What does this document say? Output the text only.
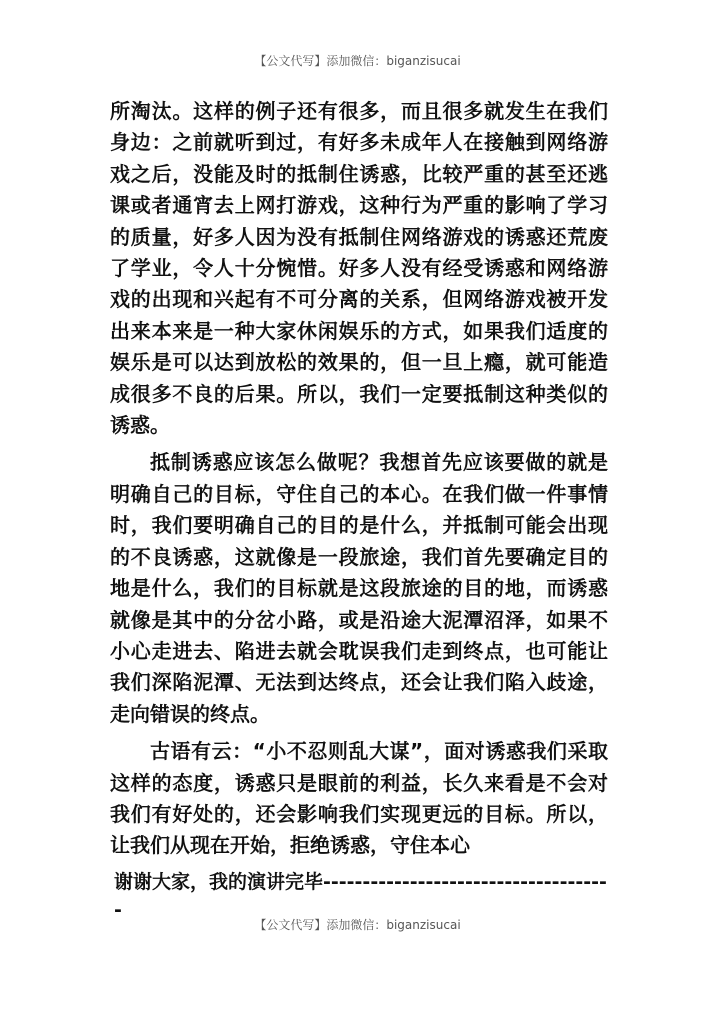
【公文代写】添加微信：biganzisucai

所淘汰。这样的例子还有很多，而且很多就发生在我们身边：之前就听到过，有好多未成年人在接触到网络游戏之后，没能及时的抵制住诱惑，比较严重的甚至还逃课或者通宵去上网打游戏，这种行为严重的影响了学习的质量，好多人因为没有抵制住网络游戏的诱惑还荒废了学业，令人十分惋惜。好多人没有经受诱惑和网络游戏的出现和兴起有不可分离的关系，但网络游戏被开发出来本来是一种大家休闲娱乐的方式，如果我们适度的娱乐是可以达到放松的效果的，但一旦上瘾，就可能造成很多不良的后果。所以，我们一定要抵制这种类似的诱惑。

抵制诱惑应该怎么做呢？我想首先应该要做的就是明确自己的目标，守住自己的本心。在我们做一件事情时，我们要明确自己的目的是什么，并抵制可能会出现的不良诱惑，这就像是一段旅途，我们首先要确定目的地是什么，我们的目标就是这段旅途的目的地，而诱惑就像是其中的分岔小路，或是沿途大泥潭沼泽，如果不小心走进去、陷进去就会耽误我们走到终点，也可能让我们深陷泥潭、无法到达终点，还会让我们陷入歧途，走向错误的终点。

古语有云：“小不忍则乱大谋”，面对诱惑我们采取这样的态度，诱惑只是眼前的利益，长久来看是不会对我们有好处的，还会影响我们实现更远的目标。所以，让我们从现在开始，拒绝诱惑，守住本心

谢谢大家，我的演讲完毕-------------------------------------

【公文代写】添加微信：biganzisucai
